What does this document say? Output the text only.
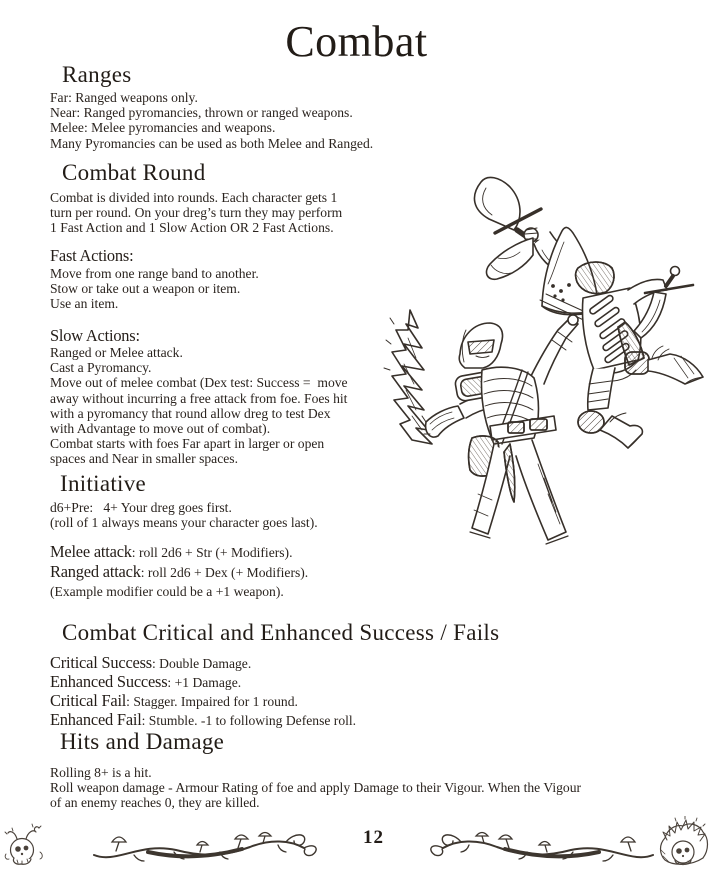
Combat
Ranges
Far: Ranged weapons only.
Near: Ranged pyromancies, thrown or ranged weapons.
Melee: Melee pyromancies and weapons.
Many Pyromancies can be used as both Melee and Ranged.
Combat Round
Combat is divided into rounds. Each character gets 1
turn per round. On your dreg’s turn they may perform
1 Fast Action and 1 Slow Action OR 2 Fast Actions.
Fast Actions:
Move from one range band to another.
Stow or take out a weapon or item.
Use an item.
Slow Actions:
Ranged or Melee attack.
Cast a Pyromancy.
Move out of melee combat (Dex test: Success =  move
away without incurring a free attack from foe. Foes hit
with a pyromancy that round allow dreg to test Dex
with Advantage to move out of combat).
Combat starts with foes Far apart in larger or open
spaces and Near in smaller spaces.
Initiative
d6+Pre:   4+ Your dreg goes first.
(roll of 1 always means your character goes last).
Melee attack: roll 2d6 + Str (+ Modifiers).
Ranged attack: roll 2d6 + Dex (+ Modifiers).
(Example modifier could be a +1 weapon).
Combat Critical and Enhanced Success / Fails
Critical Success: Double Damage.
Enhanced Success: +1 Damage.
Critical Fail: Stagger. Impaired for 1 round.
Enhanced Fail: Stumble. -1 to following Defense roll.
Hits and Damage
Rolling 8+ is a hit.
Roll weapon damage - Armour Rating of foe and apply Damage to their Vigour. When the Vigour
of an enemy reaches 0, they are killed.
12
